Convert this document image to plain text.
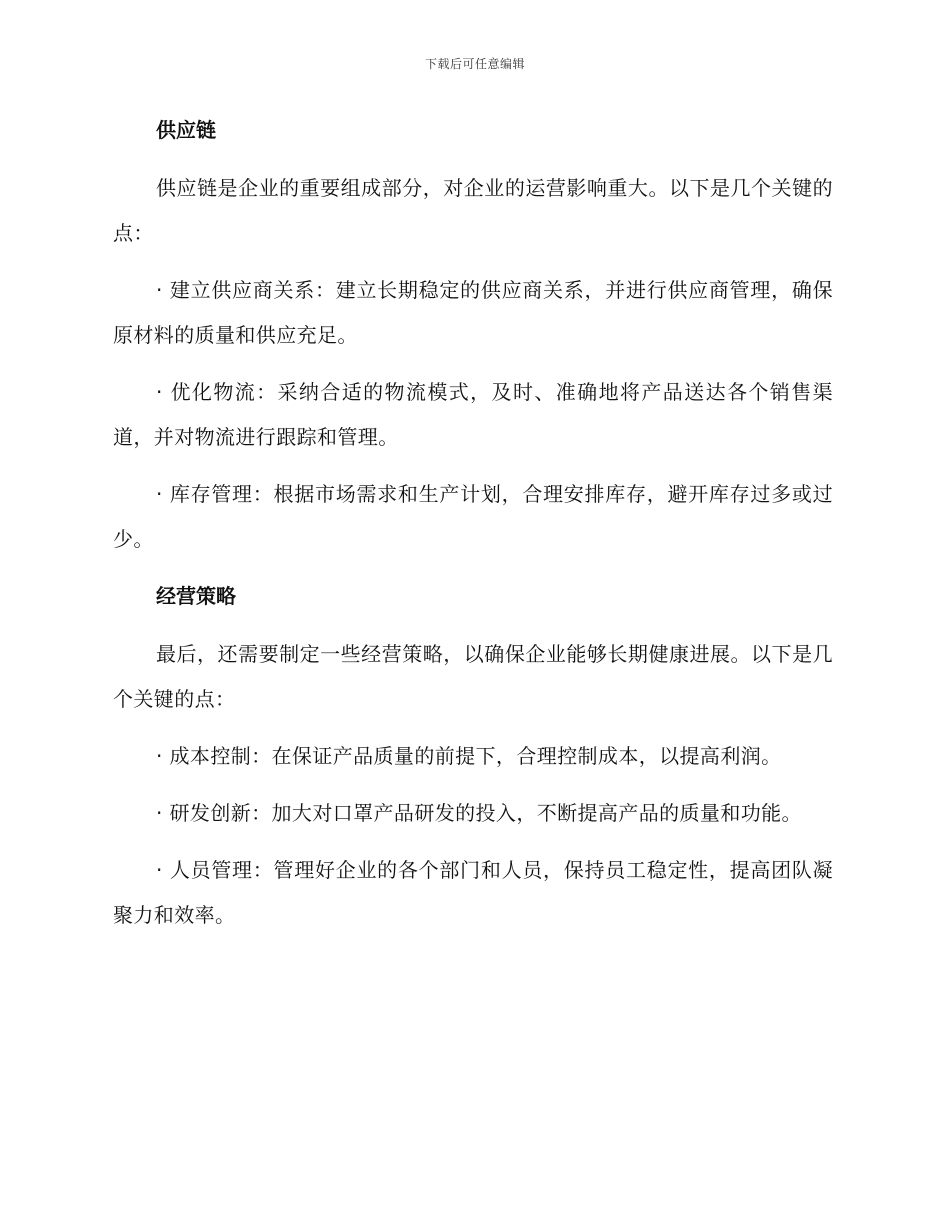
下载后可任意编辑
供应链

供应链是企业的重要组成部分，对企业的运营影响重大。以下是几个关键的点：

· 建立供应商关系：建立长期稳定的供应商关系，并进行供应商管理，确保原材料的质量和供应充足。

· 优化物流：采纳合适的物流模式，及时、准确地将产品送达各个销售渠道，并对物流进行跟踪和管理。

· 库存管理：根据市场需求和生产计划，合理安排库存，避开库存过多或过少。

经营策略

最后，还需要制定一些经营策略，以确保企业能够长期健康进展。以下是几个关键的点：

· 成本控制：在保证产品质量的前提下，合理控制成本，以提高利润。

· 研发创新：加大对口罩产品研发的投入，不断提高产品的质量和功能。

· 人员管理：管理好企业的各个部门和人员，保持员工稳定性，提高团队凝聚力和效率。
